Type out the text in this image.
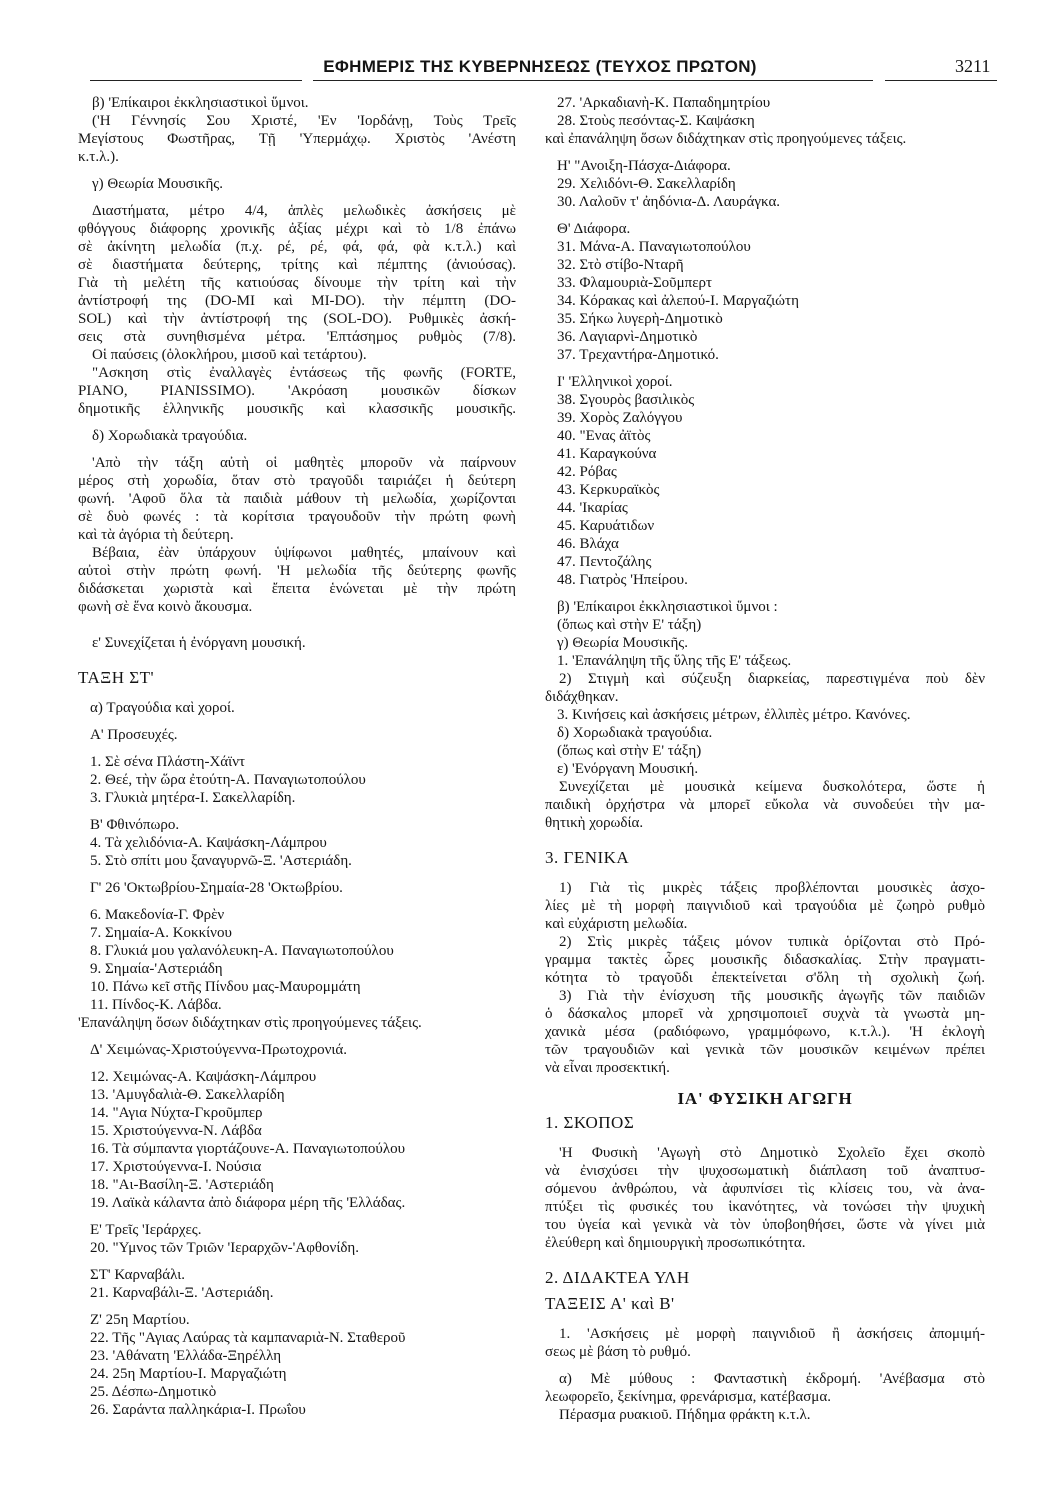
ΕΦΗΜΕΡΙΣ ΤΗΣ ΚΥΒΕΡΝΗΣΕΩΣ (ΤΕΥΧΟΣ ΠΡΩΤΟΝ)	3211
β) 'Επίκαιροι ἐκκλησιαστικοὶ ὕμνοι.
('Η Γέννησίς Σου Χριστέ, 'Εν 'Ιορδάνῃ, Τοὺς Τρεῖς
Μεγίστους Φωστῆρας, Τῇ 'Υπερμάχῳ. Χριστὸς 'Ανέστη
κ.τ.λ.).
γ) Θεωρία Μουσικῆς.
Διαστήματα, μέτρο 4/4, ἁπλὲς μελωδικὲς ἀσκήσεις μὲ
φθόγγους διάφορης χρονικῆς ἀξίας μέχρι καὶ τὸ 1/8 ἐπάνω
σὲ ἀκίνητη μελωδία (π.χ. ρέ, ρέ, φά, φά, φὰ κ.τ.λ.) καὶ
σὲ διαστήματα δεύτερης, τρίτης καὶ πέμπτης (ἀνιούσας).
Γιὰ τὴ μελέτη τῆς κατιούσας δίνουμε τὴν τρίτη καὶ τὴν
ἀντίστροφή της (DO-MI καὶ MI-DO). τὴν πέμπτη (DO-
SOL) καὶ τὴν ἀντίστροφή της (SOL-DO). Ρυθμικὲς ἀσκή-
σεις στὰ συνηθισμένα μέτρα. 'Επτάσημος ρυθμὸς (7/8).
Οἱ παύσεις (ὁλοκλήρου, μισοῦ καὶ τετάρτου).
"Ασκηση στὶς ἐναλλαγὲς ἐντάσεως τῆς φωνῆς (FORTE,
PIANO, PIANISSIMO). 'Ακρόαση μουσικῶν δίσκων
δημοτικῆς ἑλληνικῆς μουσικῆς καὶ κλασσικῆς μουσικῆς.
δ) Χορωδιακὰ τραγούδια.
'Απὸ τὴν τάξη αὐτὴ οἱ μαθητὲς μποροῦν νὰ παίρνουν
μέρος στὴ χορωδία, ὅταν στὸ τραγοῦδι ταιριάζει ἡ δεύτερη
φωνή. 'Αφοῦ ὅλα τὰ παιδιὰ μάθουν τὴ μελωδία, χωρίζονται
σὲ δυὸ φωνές : τὰ κορίτσια τραγουδοῦν τὴν πρώτη φωνὴ
καὶ τὰ ἀγόρια τὴ δεύτερη.
Βέβαια, ἐὰν ὑπάρχουν ὑψίφωνοι μαθητές, μπαίνουν καὶ
αὐτοὶ στὴν πρώτη φωνή. 'Η μελωδία τῆς δεύτερης φωνῆς
διδάσκεται χωριστὰ καὶ ἔπειτα ἑνώνεται μὲ τὴν πρώτη
φωνὴ σὲ ἕνα κοινὸ ἄκουσμα.
ε' Συνεχίζεται ἡ ἐνόργανη μουσική.
ΤΑΞΗ ΣΤ'
α) Τραγούδια καὶ χοροί.
Α' Προσευχές.
1. Σὲ σένα Πλάστη-Χάϊντ
2. Θεέ, τὴν ὥρα ἐτούτη-Α. Παναγιωτοπούλου
3. Γλυκιὰ μητέρα-Ι. Σακελλαρίδη.
Β' Φθινόπωρο.
4. Τὰ χελιδόνια-Α. Καψάσκη-Λάμπρου
5. Στὸ σπίτι μου ξαναγυρνῶ-Ξ. 'Αστεριάδη.
Γ' 26 'Οκτωβρίου-Σημαία-28 'Οκτωβρίου.
6. Μακεδονία-Γ. Φρὲν
7. Σημαία-Α. Κοκκίνου
8. Γλυκιά μου γαλανόλευκη-Α. Παναγιωτοπούλου
9. Σημαία-'Αστεριάδη
10. Πάνω κεῖ στῆς Πίνδου μας-Μαυρομμάτη
11. Πίνδος-Κ. Λάβδα.
'Επανάληψη ὅσων διδάχτηκαν στὶς προηγούμενες τάξεις.
Δ' Χειμώνας-Χριστούγεννα-Πρωτοχρονιά.
12. Χειμώνας-Α. Καψάσκη-Λάμπρου
13. 'Αμυγδαλιὰ-Θ. Σακελλαρίδη
14. "Αγια Νύχτα-Γκροῦμπερ
15. Χριστούγεννα-Ν. Λάβδα
16. Τὰ σύμπαντα γιορτάζουνε-Α. Παναγιωτοπούλου
17. Χριστούγεννα-Ι. Νούσια
18. "Αι-Βασίλη-Ξ. 'Αστεριάδη
19. Λαϊκὰ κάλαντα ἀπὸ διάφορα μέρη τῆς 'Ελλάδας.
Ε' Τρεῖς 'Ιεράρχες.
20. "Υμνος τῶν Τριῶν 'Ιεραρχῶν-'Αφθονίδη.
ΣΤ' Καρναβάλι.
21. Καρναβάλι-Ξ. 'Αστεριάδη.
Ζ' 25η Μαρτίου.
22. Τῆς "Αγιας Λαύρας τὰ καμπαναριὰ-Ν. Σταθεροῦ
23. 'Αθάνατη 'Ελλάδα-Ξηρέλλη
24. 25η Μαρτίου-Ι. Μαργαζιώτη
25. Δέσπω-Δημοτικὸ
26. Σαράντα παλληκάρια-Ι. Πρωΐου
27. 'Αρκαδιανὴ-Κ. Παπαδημητρίου
28. Στοὺς πεσόντας-Σ. Καψάσκη
καὶ ἐπανάληψη ὅσων διδάχτηκαν στὶς προηγούμενες τάξεις.
Η' "Ανοιξη-Πάσχα-Διάφορα.
29. Χελιδόνι-Θ. Σακελλαρίδη
30. Λαλοῦν τ' ἀηδόνια-Δ. Λαυράγκα.
Θ' Διάφορα.
31. Μάνα-Α. Παναγιωτοπούλου
32. Στὸ στίβο-Νταρῆ
33. Φλαμουριὰ-Σοῦμπερτ
34. Κόρακας καὶ ἀλεπού-Ι. Μαργαζιώτη
35. Σήκω λυγερὴ-Δημοτικὸ
36. Λαγιαρνὶ-Δημοτικὸ
37. Τρεχαντήρα-Δημοτικό.
Ι' 'Ελληνικοὶ χοροί.
38. Σγουρὸς βασιλικὸς
39. Χορὸς Ζαλόγγου
40. "Ενας ἀϊτὸς
41. Καραγκούνα
42. Ρόβας
43. Κερκυραϊκὸς
44. 'Ικαρίας
45. Καρυάτιδων
46. Βλάχα
47. Πεντοζάλης
48. Γιατρὸς 'Ηπείρου.
β) 'Επίκαιροι ἐκκλησιαστικοὶ ὕμνοι :
(ὅπως καὶ στὴν Ε' τάξη)
γ) Θεωρία Μουσικῆς.
1. 'Επανάληψη τῆς ὕλης τῆς Ε' τάξεως.
2) Στιγμὴ καὶ σύζευξη διαρκείας, παρεστιγμένα ποὺ δὲν
διδάχθηκαν.
3. Κινήσεις καὶ ἀσκήσεις μέτρων, ἐλλιπὲς μέτρο. Κανόνες.
δ) Χορωδιακὰ τραγούδια.
(ὅπως καὶ στὴν Ε' τάξη)
ε) 'Ενόργανη Μουσική.
Συνεχίζεται μὲ μουσικὰ κείμενα δυσκολότερα, ὥστε ἡ
παιδικὴ ὀρχήστρα νὰ μπορεῖ εὔκολα νὰ συνοδεύει τὴν μα-
θητικὴ χορωδία.
3. ΓΕΝΙΚΑ
1) Γιὰ τὶς μικρὲς τάξεις προβλέπονται μουσικὲς ἀσχο-
λίες μὲ τὴ μορφὴ παιγνιδιοῦ καὶ τραγούδια μὲ ζωηρὸ ρυθμὸ
καὶ εὐχάριστη μελωδία.
2) Στὶς μικρὲς τάξεις μόνον τυπικὰ ὁρίζονται στὸ Πρό-
γραμμα τακτὲς ὧρες μουσικῆς διδασκαλίας. Στὴν πραγματι-
κότητα τὸ τραγοῦδι ἐπεκτείνεται σ'ὅλη τὴ σχολικὴ ζωή.
3) Γιὰ τὴν ἐνίσχυση τῆς μουσικῆς ἀγωγῆς τῶν παιδιῶν
ὁ δάσκαλος μπορεῖ νὰ χρησιμοποιεῖ συχνὰ τὰ γνωστὰ μη-
χανικὰ μέσα (ραδιόφωνο, γραμμόφωνο, κ.τ.λ.). 'Η ἐκλογὴ
τῶν τραγουδιῶν καὶ γενικὰ τῶν μουσικῶν κειμένων πρέπει
νὰ εἶναι προσεκτική.
ΙΑ' ΦΥΣΙΚΗ ΑΓΩΓΗ
1. ΣΚΟΠΟΣ
'Η Φυσικὴ 'Αγωγὴ στὸ Δημοτικὸ Σχολεῖο ἔχει σκοπὸ
νὰ ἐνισχύσει τὴν ψυχοσωματικὴ διάπλαση τοῦ ἀναπτυσ-
σόμενου ἀνθρώπου, νὰ ἀφυπνίσει τὶς κλίσεις του, νὰ ἀνα-
πτύξει τὶς φυσικές του ἱκανότητες, νὰ τονώσει τὴν ψυχικὴ
του ὑγεία καὶ γενικὰ νὰ τὸν ὑποβοηθήσει, ὥστε νὰ γίνει μιὰ
ἐλεύθερη καὶ δημιουργικὴ προσωπικότητα.
2. ΔΙΔΑΚΤΕΑ ΥΛΗ
ΤΑΞΕΙΣ Α' καὶ Β'
1. 'Ασκήσεις μὲ μορφὴ παιγνιδιοῦ ἢ ἀσκήσεις ἀπομιμή-
σεως μὲ βάση τὸ ρυθμό.
α) Μὲ μύθους : Φανταστικὴ ἐκδρομή. 'Ανέβασμα στὸ
λεωφορεῖο, ξεκίνημα, φρενάρισμα, κατέβασμα.
Πέρασμα ρυακιοῦ. Πήδημα φράκτη κ.τ.λ.
